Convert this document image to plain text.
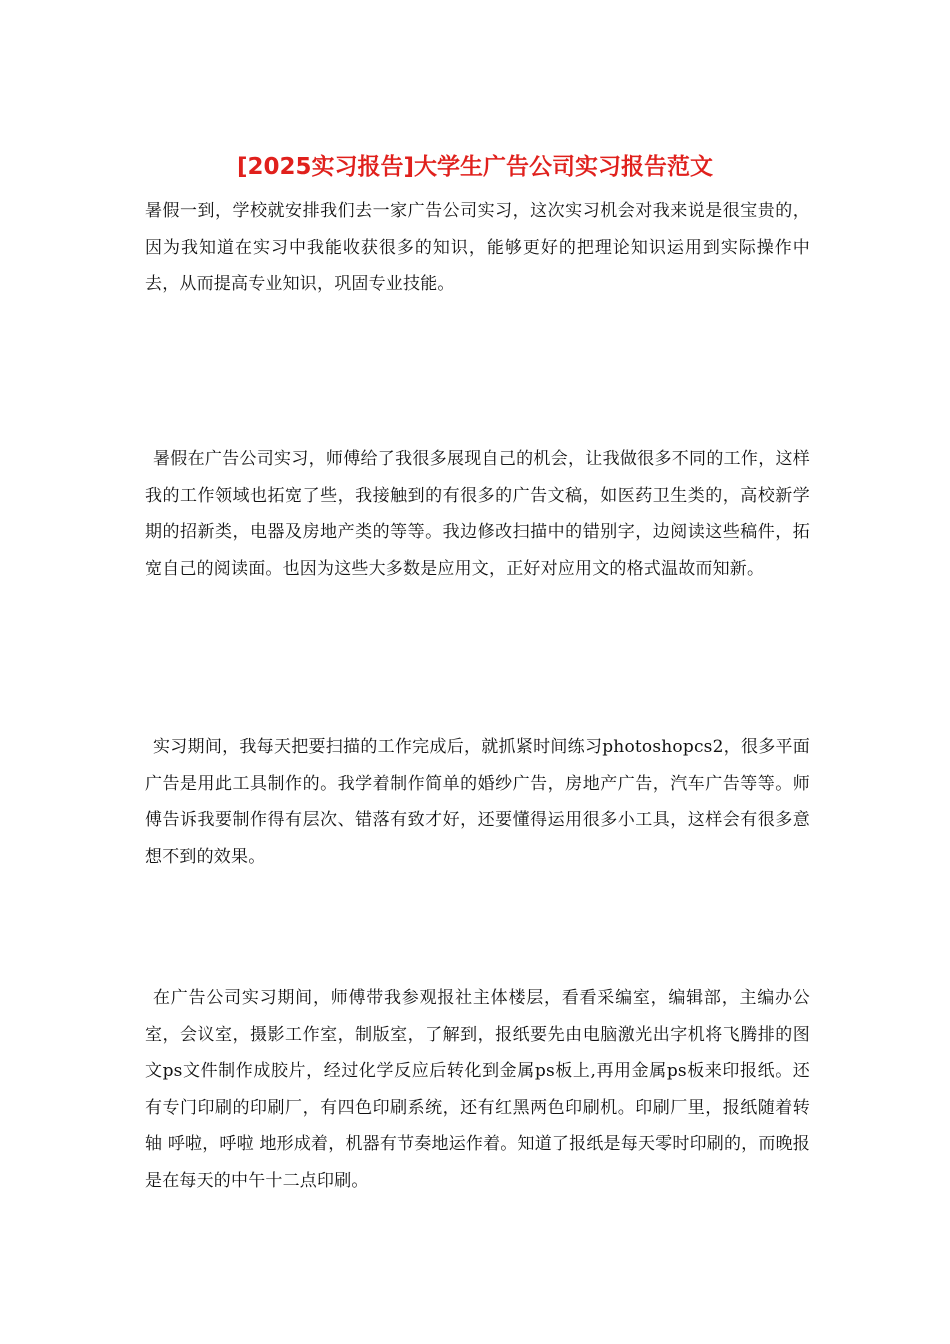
[2025实习报告]大学生广告公司实习报告范文

暑假一到，学校就安排我们去一家广告公司实习，这次实习机会对我来说是很宝贵的，因为我知道在实习中我能收获很多的知识，能够更好的把理论知识运用到实际操作中去，从而提高专业知识，巩固专业技能。

暑假在广告公司实习，师傅给了我很多展现自己的机会，让我做很多不同的工作，这样我的工作领域也拓宽了些，我接触到的有很多的广告文稿，如医药卫生类的，高校新学期的招新类，电器及房地产类的等等。我边修改扫描中的错别字，边阅读这些稿件，拓宽自己的阅读面。也因为这些大多数是应用文，正好对应用文的格式温故而知新。

实习期间，我每天把要扫描的工作完成后，就抓紧时间练习photoshopcs2，很多平面广告是用此工具制作的。我学着制作简单的婚纱广告，房地产广告，汽车广告等等。师傅告诉我要制作得有层次、错落有致才好，还要懂得运用很多小工具，这样会有很多意想不到的效果。

在广告公司实习期间，师傅带我参观报社主体楼层，看看采编室，编辑部，主编办公室，会议室，摄影工作室，制版室，了解到，报纸要先由电脑激光出字机将飞腾排的图文ps文件制作成胶片，经过化学反应后转化到金属ps板上,再用金属ps板来印报纸。还有专门印刷的印刷厂，有四色印刷系统，还有红黑两色印刷机。印刷厂里，报纸随着转轴 呼啦，呼啦 地形成着，机器有节奏地运作着。知道了报纸是每天零时印刷的，而晚报是在每天的中午十二点印刷。
